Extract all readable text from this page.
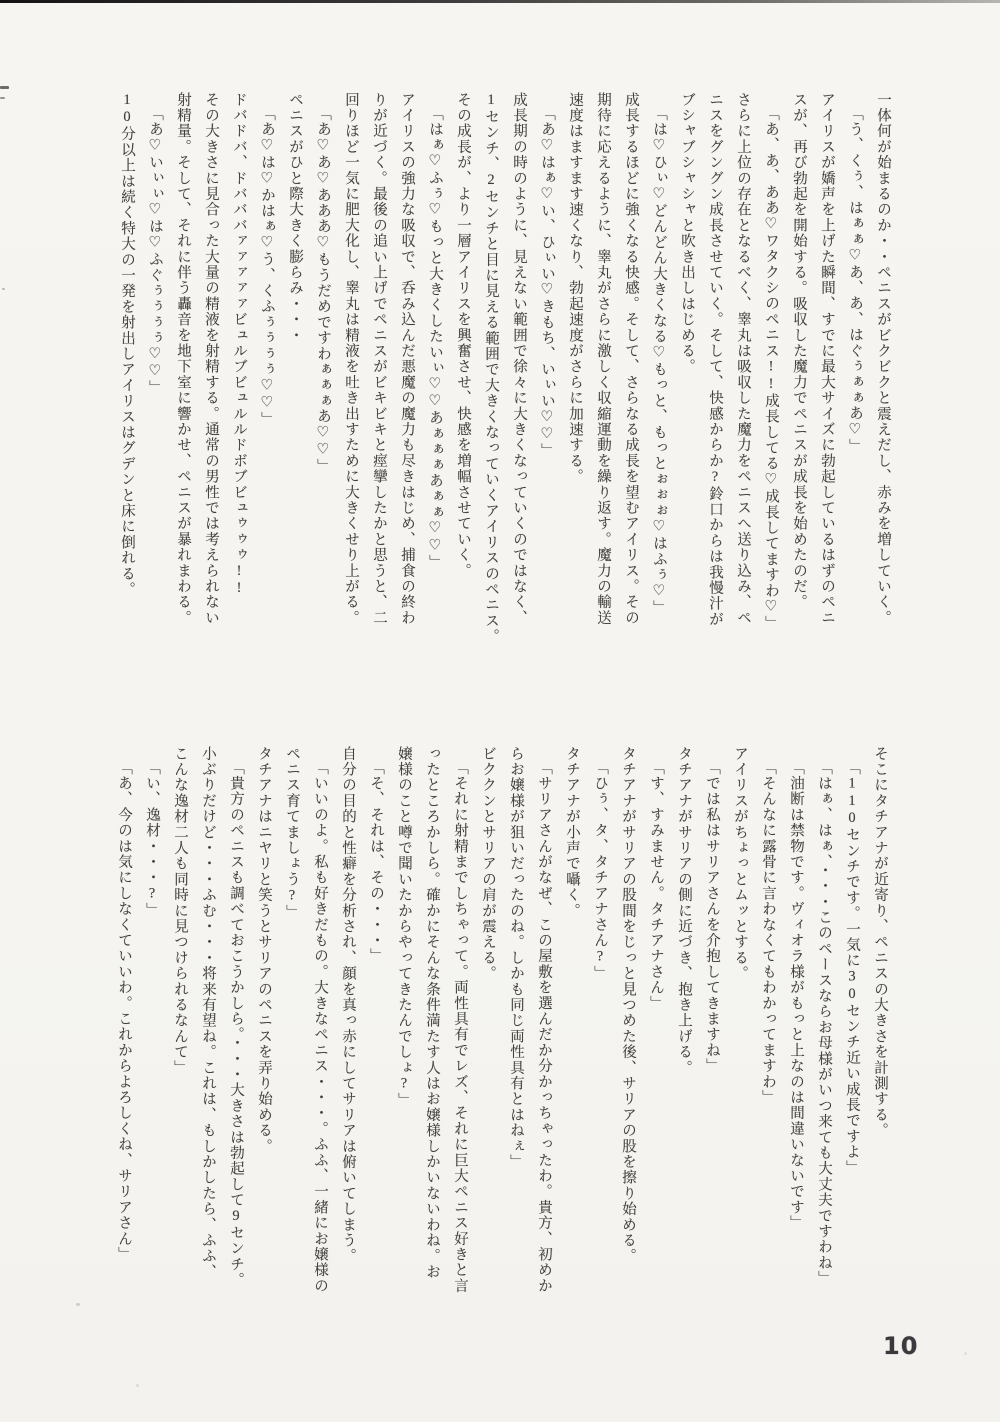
一体何が始まるのか・・ペニスがビクビクと震えだし、赤みを増していく。
「う、くぅ、はぁぁ♡あ、あ、はぐぅぁぁあ♡」
アイリスが嬌声を上げた瞬間、すでに最大サイズに勃起しているはずのペニ
スが、再び勃起を開始する。吸収した魔力でペニスが成長を始めたのだ。
「あ、あ、ああ♡ワタクシのペニス!!成長してる♡成長してますわ♡」
さらに上位の存在となるべく、睾丸は吸収した魔力をペニスへ送り込み、ペ
ニスをグングン成長させていく。そして、快感からか?鈴口からは我慢汁が
ブシャブシャシャと吹き出しはじめる。
「は♡ひぃ♡どんどん大きくなる♡もっと、もっとぉぉぉ♡はふぅ♡」
成長するほどに強くなる快感。そして、さらなる成長を望むアイリス。その
期待に応えるように、睾丸がさらに激しく収縮運動を繰り返す。魔力の輸送
速度はますます速くなり、勃起速度がさらに加速する。
「あ♡はぁ♡い、ひぃい♡きもち、いぃい♡♡」
成長期の時のように、見えない範囲で徐々に大きくなっていくのではなく、
1センチ、2センチと目に見える範囲で大きくなっていくアイリスのペニス。
その成長が、より一層アイリスを興奮させ、快感を増幅させていく。
「はぁ♡ふぅ♡もっと大きくしたいぃ♡♡あぁぁぁあぁぁ♡♡」
アイリスの強力な吸収で、呑み込んだ悪魔の魔力も尽きはじめ、捕食の終わ
りが近づく。最後の追い上げでペニスがビキビキと痙攣したかと思うと、二
回りほど一気に肥大化し、睾丸は精液を吐き出すために大きくせり上がる。
「あ♡あ♡あああ♡もうだめですわぁぁぁあ♡♡」
ペニスがひと際大きく膨らみ・・・
「あ♡は♡かはぁ♡う、くふぅぅぅぅ♡♡」
ドバドバ、ドバババァァァァァビュルブビュルルドボブビュゥゥゥ!!
その大きさに見合った大量の精液を射精する。通常の男性では考えられない
射精量。そして、それに伴う轟音を地下室に響かせ、ペニスが暴れまわる。
「あ♡いぃぃ♡は♡ふぐぅぅぅぅ♡♡」
10分以上は続く特大の一発を射出しアイリスはグデンと床に倒れる。
そこにタチアナが近寄り、ペニスの大きさを計測する。
「110センチです。一気に30センチ近い成長ですよ」
「はぁ、はぁ、・・・このペースならお母様がいつ来ても大丈夫ですわね」
「油断は禁物です。ヴィオラ様がもっと上なのは間違いないです」
「そんなに露骨に言わなくてもわかってますわ」
アイリスがちょっとムッとする。
「では私はサリアさんを介抱してきますね」
タチアナがサリアの側に近づき、抱き上げる。
「す、すみません。タチアナさん」
タチアナがサリアの股間をじっと見つめた後、サリアの股を擦り始める。
「ひぅ、タ、タチアナさん?」
タチアナが小声で囁く。
「サリアさんがなぜ、この屋敷を選んだか分かっちゃったわ。貴方、初めか
らお嬢様が狙いだったのね。しかも同じ両性具有とはねぇ」
ビククンとサリアの肩が震える。
「それに射精までしちゃって。両性具有でレズ、それに巨大ペニス好きと言
ったところかしら。確かにそんな条件満たす人はお嬢様しかいないわね。お
嬢様のこと噂で聞いたからやってきたんでしょ?」
「そ、それは、その・・・」
自分の目的と性癖を分析され、顔を真っ赤にしてサリアは俯いてしまう。
「いいのよ。私も好きだもの。大きなペニス・・・。ふふ、一緒にお嬢様の
ペニス育てましょう?」
タチアナはニヤリと笑うとサリアのペニスを弄り始める。
「貴方のペニスも調べておこうかしら。・・・大きさは勃起して9センチ。
小ぶりだけど・・・ふむ・・・将来有望ね。これは、もしかしたら、ふふ、
こんな逸材二人も同時に見つけられるなんて」
「い、逸材・・・?」
「あ、今のは気にしなくていいわ。これからよろしくね、サリアさん」
10
